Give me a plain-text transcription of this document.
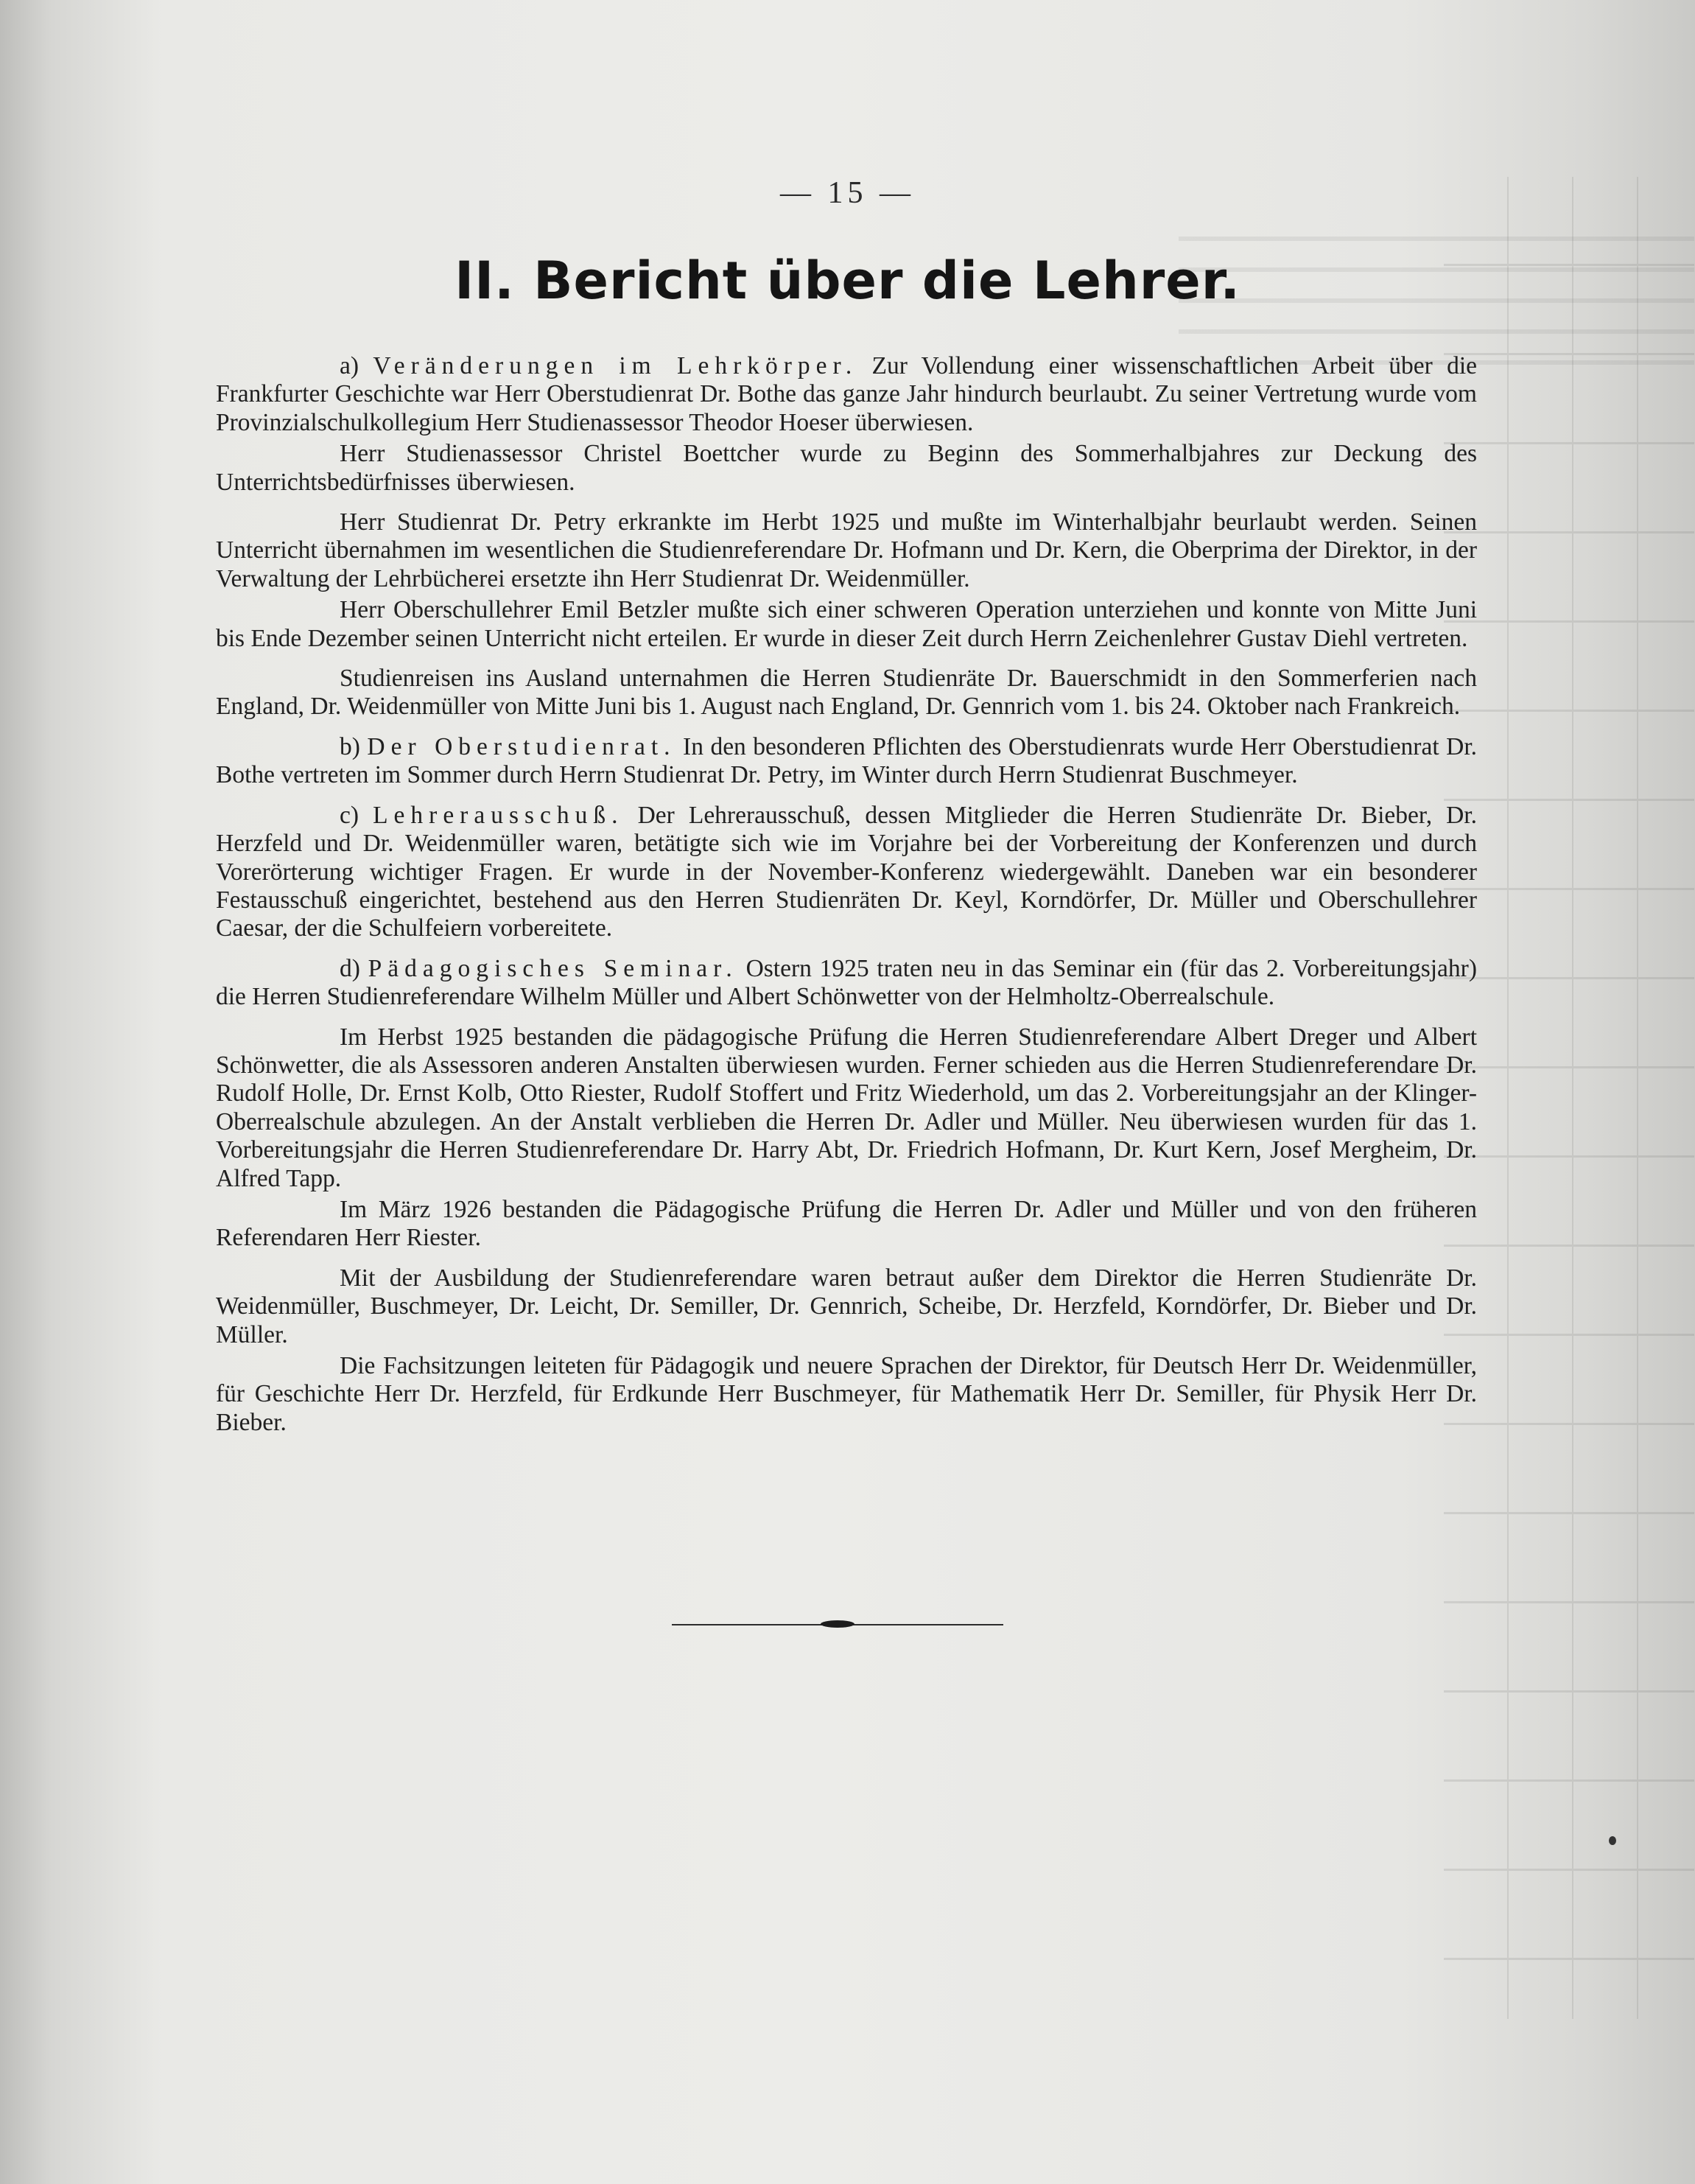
— 15 —
II. Bericht über die Lehrer.

a) Veränderungen im Lehrkörper. Zur Vollendung einer wissenschaftlichen Arbeit über die Frankfurter Geschichte war Herr Oberstudienrat Dr. Bothe das ganze Jahr hindurch beurlaubt. Zu seiner Vertretung wurde vom Provinzialschulkollegium Herr Studienassessor Theodor Hoeser überwiesen.

Herr Studienassessor Christel Boettcher wurde zu Beginn des Sommerhalbjahres zur Deckung des Unterrichtsbedürfnisses überwiesen.

Herr Studienrat Dr. Petry erkrankte im Herbt 1925 und mußte im Winterhalbjahr beurlaubt werden. Seinen Unterricht übernahmen im wesentlichen die Studienreferendare Dr. Hofmann und Dr. Kern, die Oberprima der Direktor, in der Verwaltung der Lehrbücherei ersetzte ihn Herr Studienrat Dr. Weidenmüller.

Herr Oberschullehrer Emil Betzler mußte sich einer schweren Operation unterziehen und konnte von Mitte Juni bis Ende Dezember seinen Unterricht nicht erteilen. Er wurde in dieser Zeit durch Herrn Zeichenlehrer Gustav Diehl vertreten.

Studienreisen ins Ausland unternahmen die Herren Studienräte Dr. Bauerschmidt in den Sommerferien nach England, Dr. Weidenmüller von Mitte Juni bis 1. August nach England, Dr. Gennrich vom 1. bis 24. Oktober nach Frankreich.

b) Der Oberstudienrat. In den besonderen Pflichten des Oberstudienrats wurde Herr Oberstudienrat Dr. Bothe vertreten im Sommer durch Herrn Studienrat Dr. Petry, im Winter durch Herrn Studienrat Buschmeyer.

c) Lehrerausschuß. Der Lehrerausschuß, dessen Mitglieder die Herren Studienräte Dr. Bieber, Dr. Herzfeld und Dr. Weidenmüller waren, betätigte sich wie im Vorjahre bei der Vorbereitung der Konferenzen und durch Vorerörterung wichtiger Fragen. Er wurde in der November-Konferenz wiedergewählt. Daneben war ein besonderer Festausschuß eingerichtet, bestehend aus den Herren Studienräten Dr. Keyl, Korndörfer, Dr. Müller und Oberschullehrer Caesar, der die Schulfeiern vorbereitete.

d) Pädagogisches Seminar. Ostern 1925 traten neu in das Seminar ein (für das 2. Vorbereitungsjahr) die Herren Studienreferendare Wilhelm Müller und Albert Schönwetter von der Helmholtz-Oberrealschule.

Im Herbst 1925 bestanden die pädagogische Prüfung die Herren Studienreferendare Albert Dreger und Albert Schönwetter, die als Assessoren anderen Anstalten überwiesen wurden. Ferner schieden aus die Herren Studienreferendare Dr. Rudolf Holle, Dr. Ernst Kolb, Otto Riester, Rudolf Stoffert und Fritz Wiederhold, um das 2. Vorbereitungsjahr an der Klinger-Oberrealschule abzulegen. An der Anstalt verblieben die Herren Dr. Adler und Müller. Neu überwiesen wurden für das 1. Vorbereitungsjahr die Herren Studienreferendare Dr. Harry Abt, Dr. Friedrich Hofmann, Dr. Kurt Kern, Josef Mergheim, Dr. Alfred Tapp.

Im März 1926 bestanden die Pädagogische Prüfung die Herren Dr. Adler und Müller und von den früheren Referendaren Herr Riester.

Mit der Ausbildung der Studienreferendare waren betraut außer dem Direktor die Herren Studienräte Dr. Weidenmüller, Buschmeyer, Dr. Leicht, Dr. Semiller, Dr. Gennrich, Scheibe, Dr. Herzfeld, Korndörfer, Dr. Bieber und Dr. Müller.

Die Fachsitzungen leiteten für Pädagogik und neuere Sprachen der Direktor, für Deutsch Herr Dr. Weidenmüller, für Geschichte Herr Dr. Herzfeld, für Erdkunde Herr Buschmeyer, für Mathematik Herr Dr. Semiller, für Physik Herr Dr. Bieber.
